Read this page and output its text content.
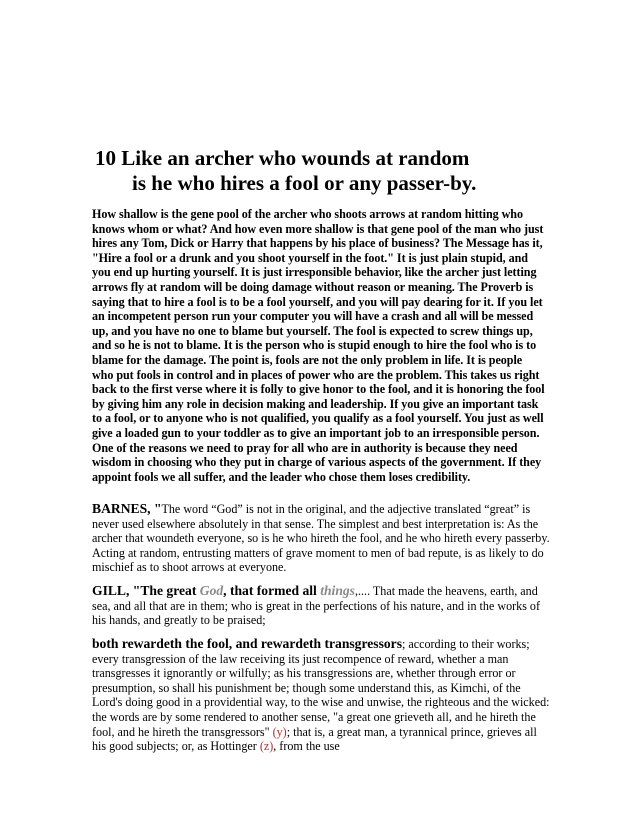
10 Like an archer who wounds at random
is he who hires a fool or any passer-by.

How shallow is the gene pool of the archer who shoots arrows at random hitting who knows whom or what? And how even more shallow is that gene pool of the man who just hires any Tom, Dick or Harry that happens by his place of business? The Message has it, "Hire a fool or a drunk and you shoot yourself in the foot." It is just plain stupid, and you end up hurting yourself. It is just irresponsible behavior, like the archer just letting arrows fly at random will be doing damage without reason or meaning. The Proverb is saying that to hire a fool is to be a fool yourself, and you will pay dearing for it. If you let an incompetent person run your computer you will have a crash and all will be messed up, and you have no one to blame but yourself. The fool is expected to screw things up, and so he is not to blame. It is the person who is stupid enough to hire the fool who is to blame for the damage. The point is, fools are not the only problem in life. It is people who put fools in control and in places of power who are the problem. This takes us right back to the first verse where it is folly to give honor to the fool, and it is honoring the fool by giving him any role in decision making and leadership. If you give an important task to a fool, or to anyone who is not qualified, you qualify as a fool yourself. You just as well give a loaded gun to your toddler as to give an important job to an irresponsible person. One of the reasons we need to pray for all who are in authority is because they need wisdom in choosing who they put in charge of various aspects of the government. If they appoint fools we all suffer, and the leader who chose them loses credibility.

BARNES, "The word “God” is not in the original, and the adjective translated “great” is never used elsewhere absolutely in that sense. The simplest and best interpretation is: As the archer that woundeth everyone, so is he who hireth the fool, and he who hireth every passerby. Acting at random, entrusting matters of grave moment to men of bad repute, is as likely to do mischief as to shoot arrows at everyone.

GILL, "The great God, that formed all things,.... That made the heavens, earth, and sea, and all that are in them; who is great in the perfections of his nature, and in the works of his hands, and greatly to be praised;

both rewardeth the fool, and rewardeth transgressors; according to their works; every transgression of the law receiving its just recompence of reward, whether a man transgresses it ignorantly or wilfully; as his transgressions are, whether through error or presumption, so shall his punishment be; though some understand this, as Kimchi, of the Lord's doing good in a providential way, to the wise and unwise, the righteous and the wicked: the words are by some rendered to another sense, "a great one grieveth all, and he hireth the fool, and he hireth the transgressors" (y); that is, a great man, a tyrannical prince, grieves all his good subjects; or, as Hottinger (z), from the use
